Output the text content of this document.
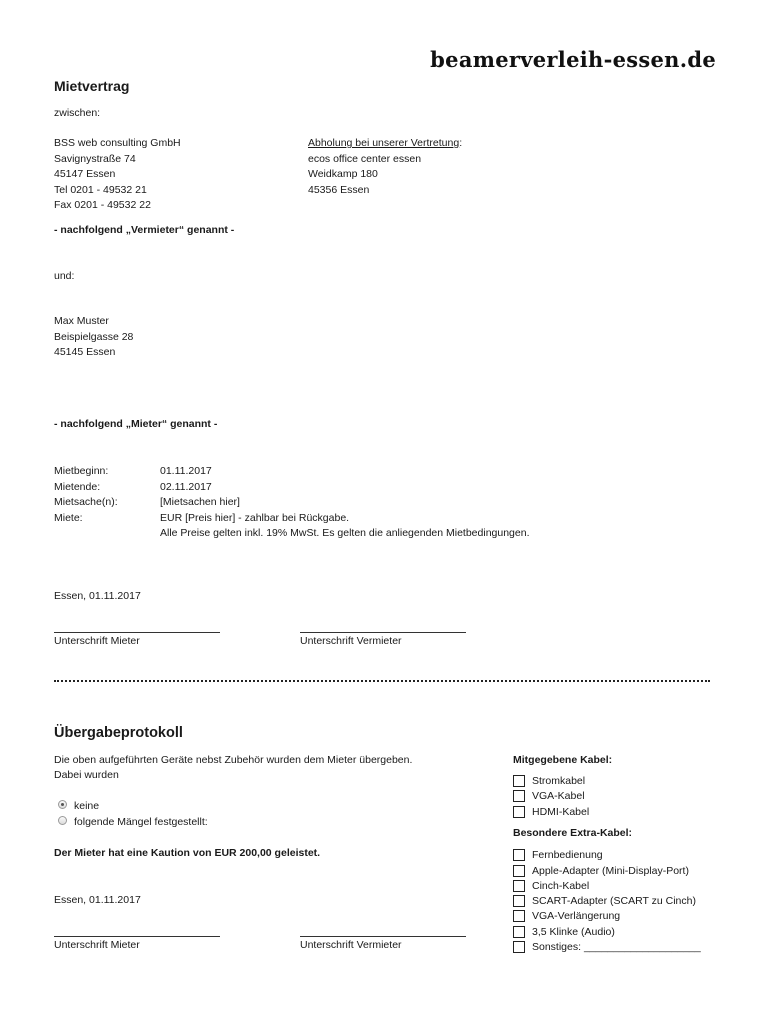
beamerverleih-essen.de
Mietvertrag
zwischen:
BSS web consulting GmbH
Savignystraße 74
45147 Essen
Tel 0201 - 49532 21
Fax 0201 - 49532 22
Abholung bei unserer Vertretung:
ecos office center essen
Weidkamp 180
45356 Essen
- nachfolgend „Vermieter“ genannt -
und:
Max Muster
Beispielgasse 28
45145 Essen
- nachfolgend „Mieter“ genannt -
Mietbeginn:
Mietende:
Mietsache(n):
Miete:
01.11.2017
02.11.2017
[Mietsachen hier]
EUR [Preis hier] - zahlbar bei Rückgabe.
Alle Preise gelten inkl. 19% MwSt. Es gelten die anliegenden Mietbedingungen.
Essen, 01.11.2017
Unterschrift Mieter	Unterschrift Vermieter
Übergabeprotokoll
Die oben aufgeführten Geräte nebst Zubehör wurden dem Mieter übergeben.
Dabei wurden
keine
folgende Mängel festgestellt:
Der Mieter hat eine Kaution von EUR 200,00 geleistet.
Essen, 01.11.2017
Unterschrift Mieter	Unterschrift Vermieter
Mitgegebene Kabel:
Stromkabel
VGA-Kabel
HDMI-Kabel
Besondere Extra-Kabel:
Fernbedienung
Apple-Adapter (Mini-Display-Port)
Cinch-Kabel
SCART-Adapter (SCART zu Cinch)
VGA-Verlängerung
3,5 Klinke (Audio)
Sonstiges: ____________________
